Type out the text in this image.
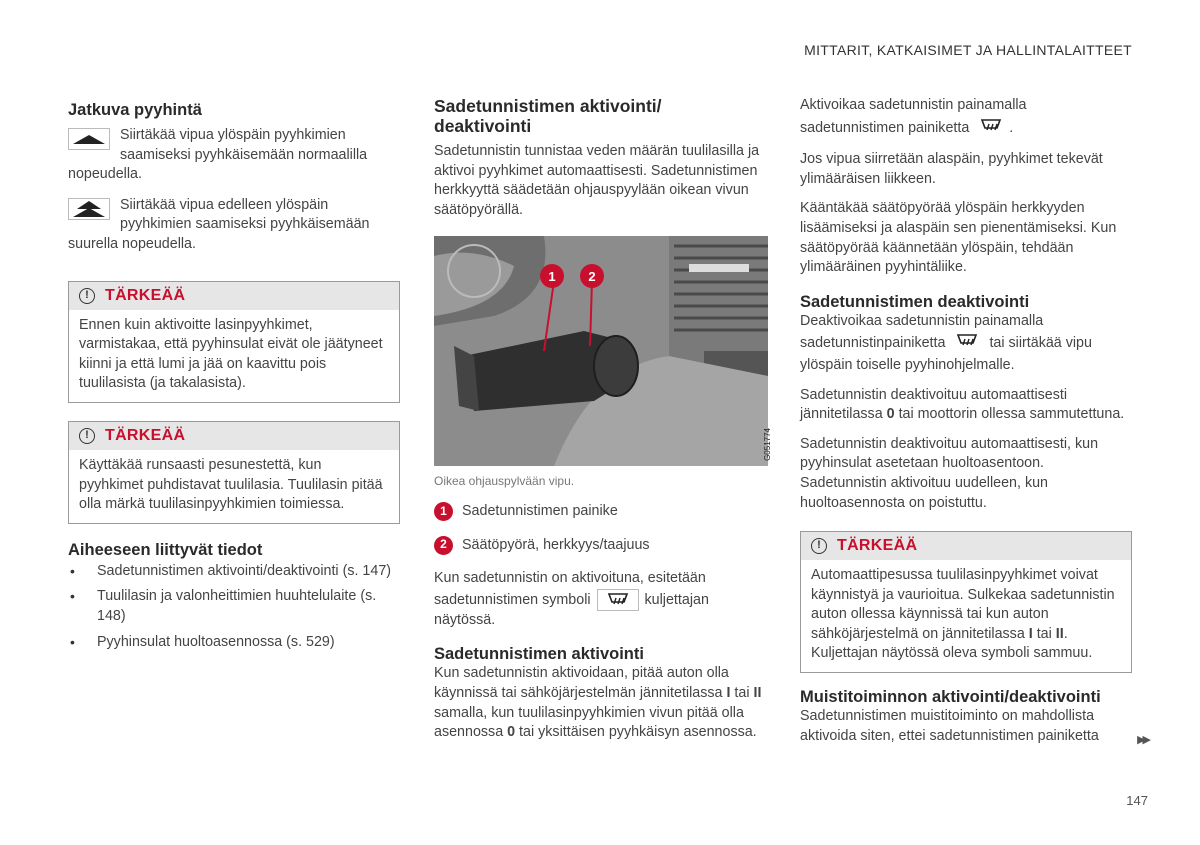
MITTARIT, KATKAISIMET JA HALLINTALAITTEET
Jatkuva pyyhintä
Siirtäkää vipua ylöspäin pyyhkimien saamiseksi pyyhkäisemään normaalilla nopeudella.
Siirtäkää vipua edelleen ylöspäin pyyhkimien saamiseksi pyyhkäisemään suurella nopeudella.
!	TÄRKEÄÄ
Ennen kuin aktivoitte lasinpyyhkimet, varmistakaa, että pyyhinsulat eivät ole jäätyneet kiinni ja että lumi ja jää on kaavittu pois tuulilasista (ja takalasista).
!	TÄRKEÄÄ
Käyttäkää runsaasti pesunestettä, kun pyyhkimet puhdistavat tuulilasia. Tuulilasin pitää olla märkä tuulilasinpyyhkimien toimiessa.
Aiheeseen liittyvät tiedot
• Sadetunnistimen aktivointi/deaktivointi (s. 147)
• Tuulilasin ja valonheittimien huuhtelulaite (s. 148)
• Pyyhinsulat huoltoasennossa (s. 529)
Sadetunnistimen aktivointi/
deaktivointi

Sadetunnistin tunnistaa veden määrän tuulilasilla ja aktivoi pyyhkimet automaattisesti. Sadetunnistimen herkkyyttä säädetään ohjauspyylään oikean vivun säätöpyörällä.

1	2
G051774
Oikea ohjauspylvään vipu.
1	Sadetunnistimen painike
2	Säätöpyörä, herkkyys/taajuus

Kun sadetunnistin on aktivoituna, esitetään sadetunnistimen symboli	kuljettajan näytössä.

Sadetunnistimen aktivointi

Kun sadetunnistin aktivoidaan, pitää auton olla käynnissä tai sähköjärjestelmän jännitetilassa I tai II samalla, kun tuulilasinpyyhkimien vivun pitää olla asennossa 0 tai yksittäisen pyyhkäisyn asennossa.

Aktivoikaa sadetunnistin painamalla sadetunnistimen painiketta	.

Jos vipua siirretään alaspäin, pyyhkimet tekevät ylimääräisen liikkeen.

Kääntäkää säätöpyörää ylöspäin herkkyyden lisäämiseksi ja alaspäin sen pienentämiseksi. Kun säätöpyörää käännetään ylöspäin, tehdään ylimääräinen pyyhintäliike.

Sadetunnistimen deaktivointi

Deaktivoikaa sadetunnistin painamalla sadetunnistinpainiketta	tai siirtäkää vipu ylöspäin toiselle pyyhinohjelmalle.

Sadetunnistin deaktivoituu automaattisesti jännitetilassa 0 tai moottorin ollessa sammutettuna.

Sadetunnistin deaktivoituu automaattisesti, kun pyyhinsulat asetetaan huoltoasentoon. Sadetunnistin aktivoituu uudelleen, kun huoltoasennosta on poistuttu.

!	TÄRKEÄÄ
Automaattipesussa tuulilasinpyyhkimet voivat käynnistyä ja vaurioitua. Sulkekaa sadetunnistin auton ollessa käynnissä tai kun auton sähköjärjestelmä on jännitetilassa I tai II. Kuljettajan näytössä oleva symboli sammuu.
Muistitoiminnon aktivointi/deaktivointi

Sadetunnistimen muistitoiminto on mahdollista aktivoida siten, ettei sadetunnistimen painiketta	▶▶
147
